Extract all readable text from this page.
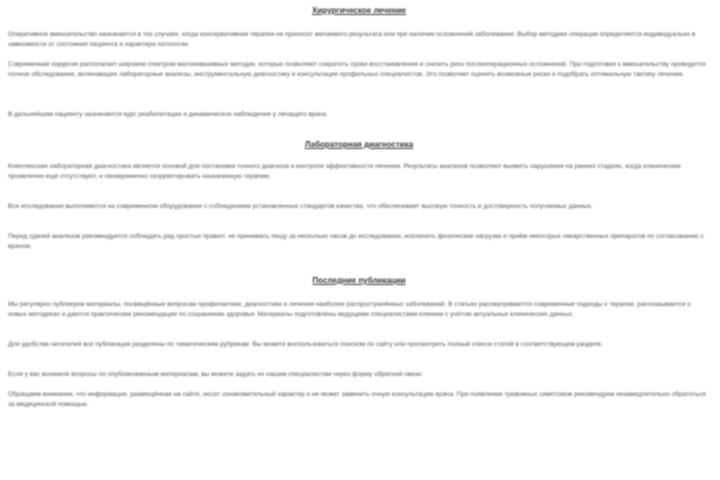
Хирургическое лечение

Оперативное вмешательство назначается в тех случаях, когда консервативная терапия не приносит желаемого результата или при наличии осложнений заболевания. Выбор методики операции определяется индивидуально в зависимости от состояния пациента и характера патологии.

Современная хирургия располагает широким спектром малоинвазивных методик, которые позволяют сократить сроки восстановления и снизить риск послеоперационных осложнений. При подготовке к вмешательству проводится полное обследование, включающее лабораторные анализы, инструментальную диагностику и консультации профильных специалистов. Это позволяет оценить возможные риски и подобрать оптимальную тактику лечения.

В дальнейшем пациенту назначается курс реабилитации и динамическое наблюдение у лечащего врача.

Лабораторная диагностика

Комплексная лабораторная диагностика является основой для постановки точного диагноза и контроля эффективности лечения. Результаты анализов позволяют выявить нарушения на ранних стадиях, когда клинические проявления ещё отсутствуют, и своевременно скорректировать назначенную терапию.

Все исследования выполняются на современном оборудовании с соблюдением установленных стандартов качества, что обеспечивает высокую точность и достоверность получаемых данных.

Перед сдачей анализов рекомендуется соблюдать ряд простых правил: не принимать пищу за несколько часов до исследования, исключить физические нагрузки и приём некоторых лекарственных препаратов по согласованию с врачом.

Последние публикации

Мы регулярно публикуем материалы, посвящённые вопросам профилактики, диагностики и лечения наиболее распространённых заболеваний. В статьях рассматриваются современные подходы к терапии, рассказывается о новых методиках и даются практические рекомендации по сохранению здоровья. Материалы подготовлены ведущими специалистами клиники с учётом актуальных клинических данных.

Для удобства читателей все публикации разделены по тематическим рубрикам. Вы можете воспользоваться поиском по сайту или просмотреть полный список статей в соответствующем разделе.

Если у вас возникли вопросы по опубликованным материалам, вы можете задать их нашим специалистам через форму обратной связи.

Обращаем внимание, что информация, размещённая на сайте, носит ознакомительный характер и не может заменить очную консультацию врача. При появлении тревожных симптомов рекомендуем незамедлительно обратиться за медицинской помощью.
